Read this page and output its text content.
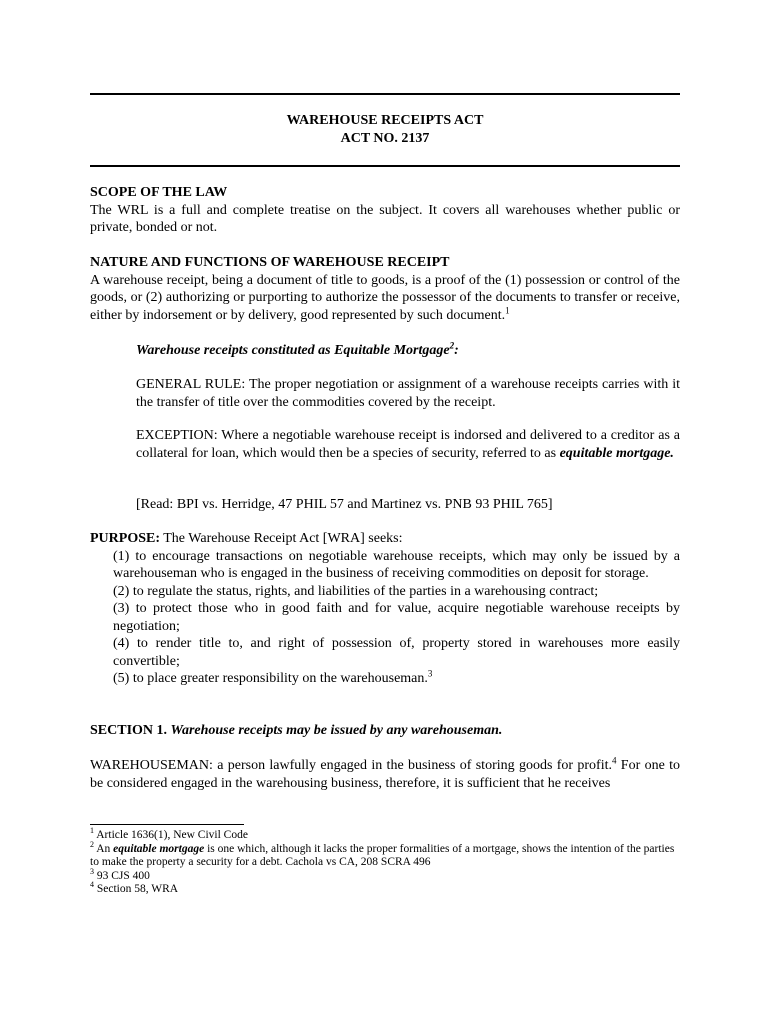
WAREHOUSE RECEIPTS ACT

ACT NO. 2137

SCOPE OF THE LAW

The WRL is a full and complete treatise on the subject. It covers all warehouses whether public or private, bonded or not.

NATURE AND FUNCTIONS OF WAREHOUSE RECEIPT

A warehouse receipt, being a document of title to goods, is a proof of the (1) possession or control of the goods, or (2) authorizing or purporting to authorize the possessor of the documents to transfer or receive, either by indorsement or by delivery, good represented by such document.$^1$

Warehouse receipts constituted as Equitable Mortgage$^2$:

GENERAL RULE: The proper negotiation or assignment of a warehouse receipts carries with it the transfer of title over the commodities covered by the receipt.

EXCEPTION: Where a negotiable warehouse receipt is indorsed and delivered to a creditor as a collateral for loan, which would then be a species of security, referred to as equitable mortgage.

[Read: BPI vs. Herridge, 47 PHIL 57 and Martinez vs. PNB 93 PHIL 765]

PURPOSE: The Warehouse Receipt Act [WRA] seeks:

(1) to encourage transactions on negotiable warehouse receipts, which may only be issued by a warehouseman who is engaged in the business of receiving commodities on deposit for storage.

(2) to regulate the status, rights, and liabilities of the parties in a warehousing contract;

(3) to protect those who in good faith and for value, acquire negotiable warehouse receipts by negotiation;

(4) to render title to, and right of possession of, property stored in warehouses more easily convertible;

(5) to place greater responsibility on the warehouseman.$^3$

SECTION 1. Warehouse receipts may be issued by any warehouseman.

WAREHOUSEMAN: a person lawfully engaged in the business of storing goods for profit.$^4$ For one to be considered engaged in the warehousing business, therefore, it is sufficient that he receives

$^1$ Article 1636(1), New Civil Code

$^2$ An equitable mortgage is one which, although it lacks the proper formalities of a mortgage, shows the intention of the parties to make the property a security for a debt. Cachola vs CA, 208 SCRA 496

$^3$ 93 CJS 400

$^4$ Section 58, WRA
